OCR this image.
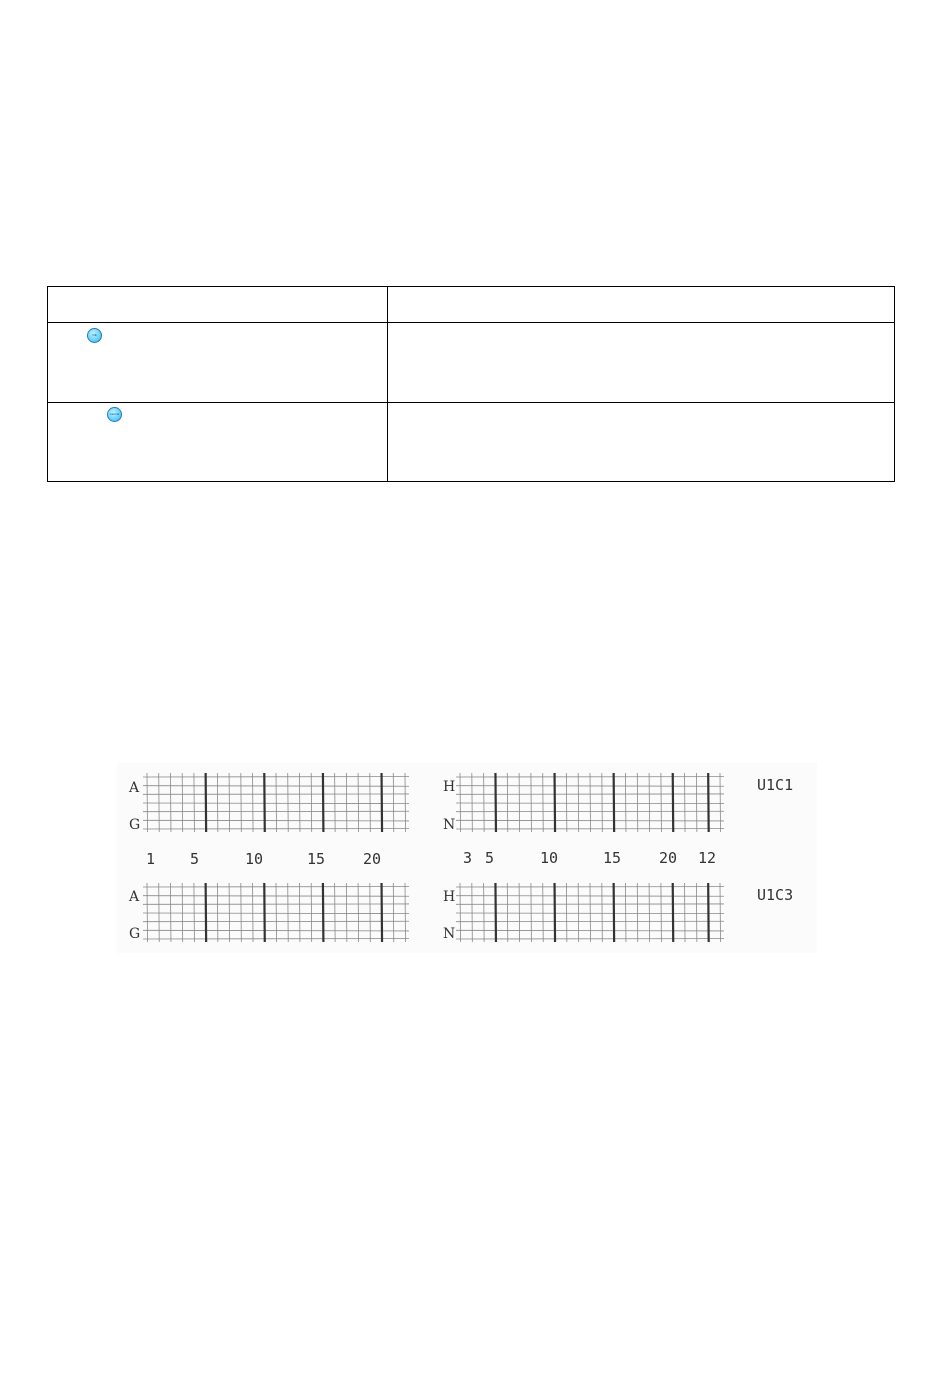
OK
cancel
A
G
H
N
U1C1
1 5	10	15	20	3 5	10	15	20 12
A
G
H
N
U1C3
